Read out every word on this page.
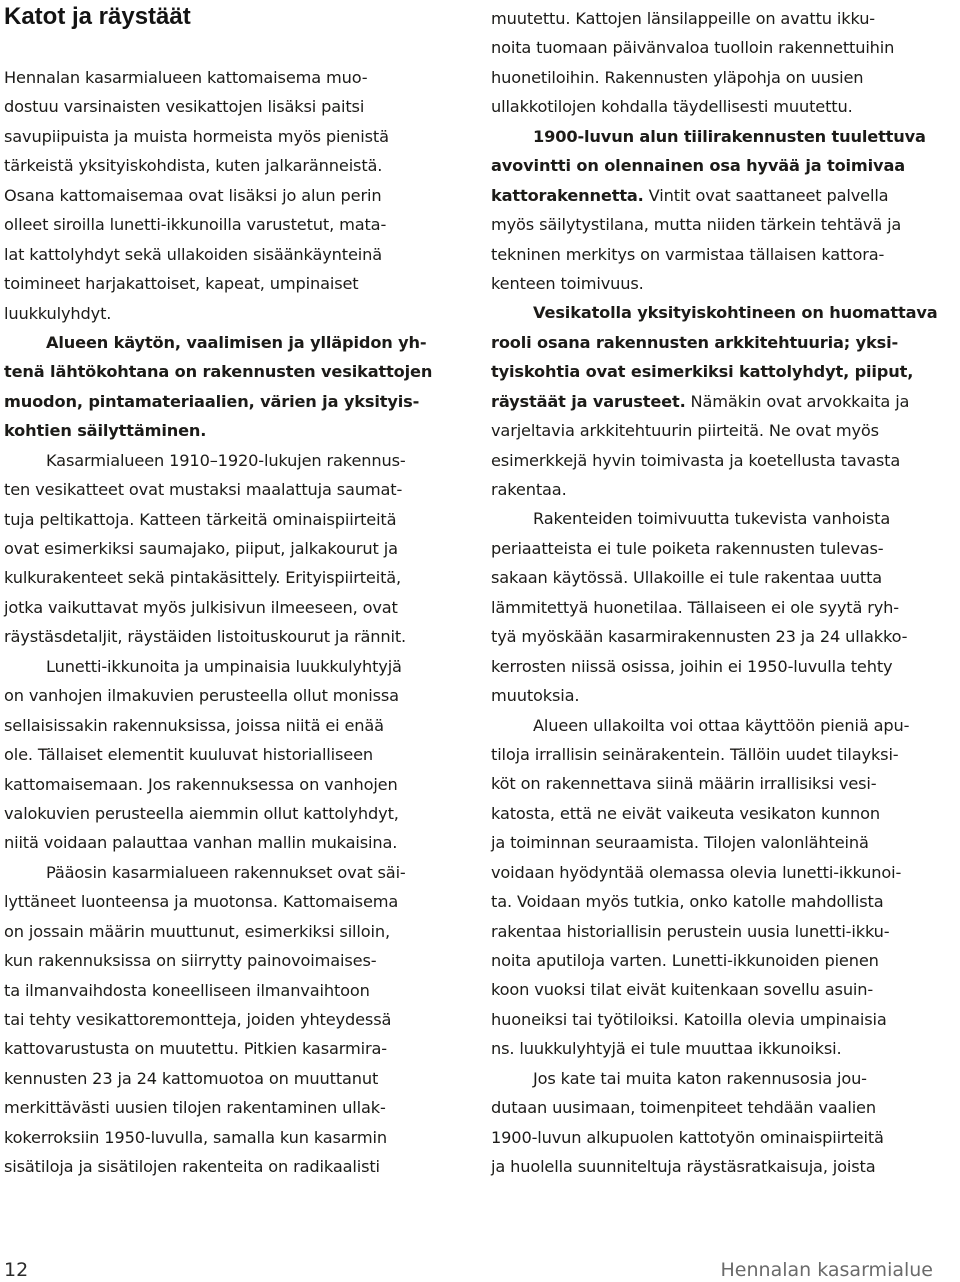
Katot ja räystäät
Hennalan kasarmialueen kattomaisema muo-
dostuu varsinaisten vesikattojen lisäksi paitsi
savupiipuista ja muista hormeista myös pienistä
tärkeistä yksityiskohdista, kuten jalkaränneistä.
Osana kattomaisemaa ovat lisäksi jo alun perin
olleet siroilla lunetti-ikkunoilla varustetut, mata-
lat kattolyhdyt sekä ullakoiden sisäänkäynteinä
toimineet harjakattoiset, kapeat, umpinaiset
luukkulyhdyt.
Alueen käytön, vaalimisen ja ylläpidon yh-
tenä lähtökohtana on rakennusten vesikattojen
muodon, pintamateriaalien, värien ja yksityis-
kohtien säilyttäminen.
Kasarmialueen 1910–1920-lukujen rakennus-
ten vesikatteet ovat mustaksi maalattuja saumat-
tuja peltikattoja. Katteen tärkeitä ominaispiirteitä
ovat esimerkiksi saumajako, piiput, jalkakourut ja
kulkurakenteet sekä pintakäsittely. Erityispiirteitä,
jotka vaikuttavat myös julkisivun ilmeeseen, ovat
räystäsdetaljit, räystäiden listoituskourut ja rännit.
Lunetti-ikkunoita ja umpinaisia luukkulyhtyjä
on vanhojen ilmakuvien perusteella ollut monissa
sellaisissakin rakennuksissa, joissa niitä ei enää
ole. Tällaiset elementit kuuluvat historialliseen
kattomaisemaan. Jos rakennuksessa on vanhojen
valokuvien perusteella aiemmin ollut kattolyhdyt,
niitä voidaan palauttaa vanhan mallin mukaisina.
Pääosin kasarmialueen rakennukset ovat säi-
lyttäneet luonteensa ja muotonsa. Kattomaisema
on jossain määrin muuttunut, esimerkiksi silloin,
kun rakennuksissa on siirrytty painovoimaises-
ta ilmanvaihdosta koneelliseen ilmanvaihtoon
tai tehty vesikattoremontteja, joiden yhteydessä
kattovarustusta on muutettu. Pitkien kasarmira-
kennusten 23 ja 24 kattomuotoa on muuttanut
merkittävästi uusien tilojen rakentaminen ullak-
kokerroksiin 1950-luvulla, samalla kun kasarmin
sisätiloja ja sisätilojen rakenteita on radikaalisti
muutettu. Kattojen länsilappeille on avattu ikku-
noita tuomaan päivänvaloa tuolloin rakennettuihin
huonetiloihin. Rakennusten yläpohja on uusien
ullakkotilojen kohdalla täydellisesti muutettu.
1900-luvun alun tiilirakennusten tuulettuva
avovintti on olennainen osa hyvää ja toimivaa
kattorakennetta. Vintit ovat saattaneet palvella
myös säilytystilana, mutta niiden tärkein tehtävä ja
tekninen merkitys on varmistaa tällaisen kattora-
kenteen toimivuus.
Vesikatolla yksityiskohtineen on huomattava
rooli osana rakennusten arkkitehtuuria; yksi-
tyiskohtia ovat esimerkiksi kattolyhdyt, piiput,
räystäät ja varusteet. Nämäkin ovat arvokkaita ja
varjeltavia arkkitehtuurin piirteitä. Ne ovat myös
esimerkkejä hyvin toimivasta ja koetellusta tavasta
rakentaa.
Rakenteiden toimivuutta tukevista vanhoista
periaatteista ei tule poiketa rakennusten tulevas-
sakaan käytössä. Ullakoille ei tule rakentaa uutta
lämmitettyä huonetilaa. Tällaiseen ei ole syytä ryh-
tyä myöskään kasarmirakennusten 23 ja 24 ullakko-
kerrosten niissä osissa, joihin ei 1950-luvulla tehty
muutoksia.
Alueen ullakoilta voi ottaa käyttöön pieniä apu-
tiloja irrallisin seinärakentein. Tällöin uudet tilayksi-
köt on rakennettava siinä määrin irrallisiksi vesi-
katosta, että ne eivät vaikeuta vesikaton kunnon
ja toiminnan seuraamista. Tilojen valonlähteinä
voidaan hyödyntää olemassa olevia lunetti-ikkunoi-
ta. Voidaan myös tutkia, onko katolle mahdollista
rakentaa historiallisin perustein uusia lunetti-ikku-
noita aputiloja varten. Lunetti-ikkunoiden pienen
koon vuoksi tilat eivät kuitenkaan sovellu asuin-
huoneiksi tai työtiloiksi. Katoilla olevia umpinaisia
ns. luukkulyhtyjä ei tule muuttaa ikkunoiksi.
Jos kate tai muita katon rakennusosia jou-
dutaan uusimaan, toimenpiteet tehdään vaalien
1900-luvun alkupuolen kattotyön ominaispiirteitä
ja huolella suunniteltuja räystäsratkaisuja, joista
12	Hennalan kasarmialue
